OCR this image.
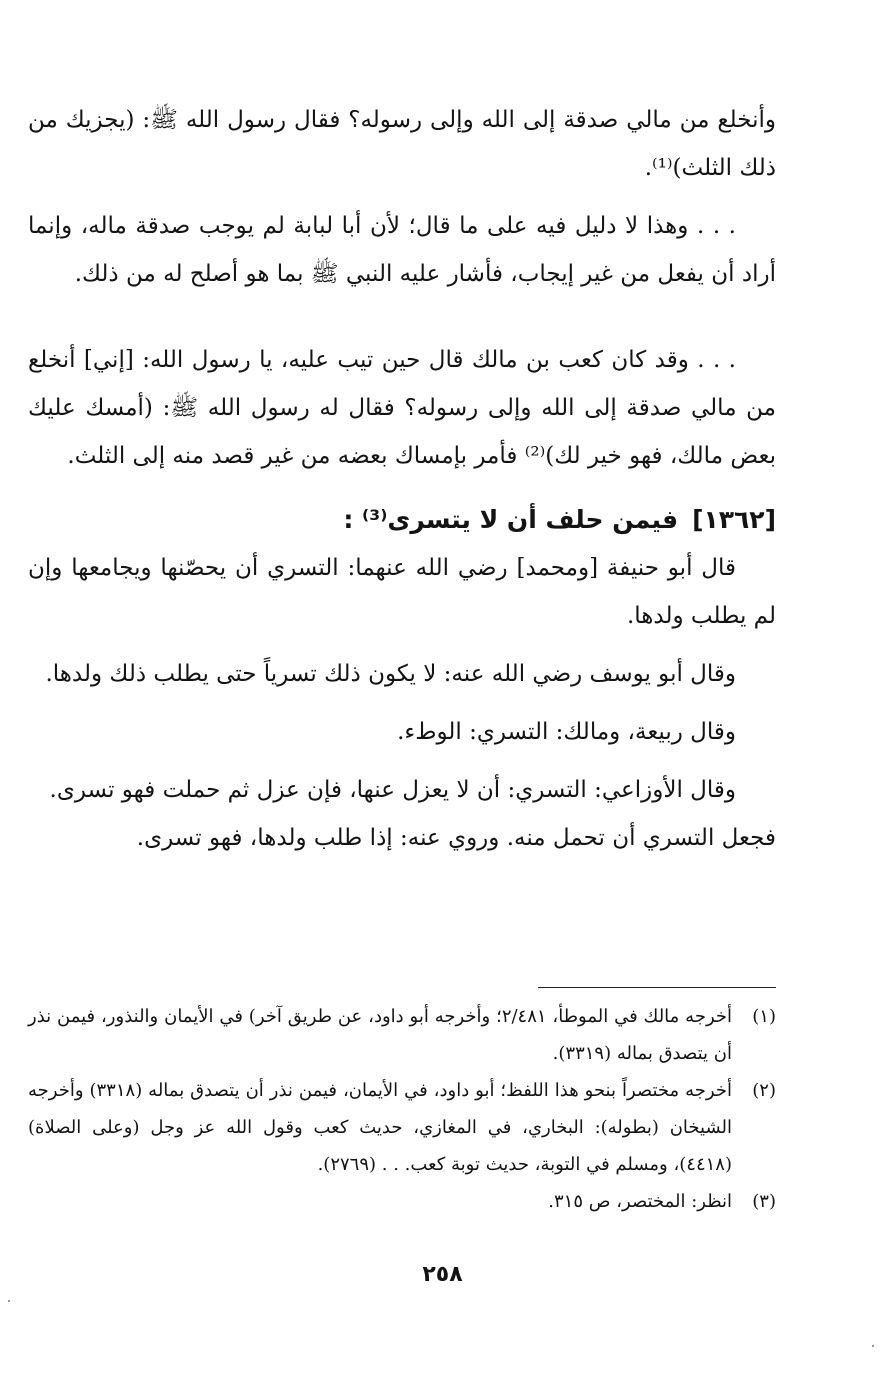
وأنخلع من مالي صدقة إلى الله وإلى رسوله؟ فقال رسول الله ﷺ: (يجزيك من ذلك الثلث)⁽¹⁾.

. . . وهذا لا دليل فيه على ما قال؛ لأن أبا لبابة لم يوجب صدقة ماله، وإنما أراد أن يفعل من غير إيجاب، فأشار عليه النبي ﷺ بما هو أصلح له من ذلك.

. . . وقد كان كعب بن مالك قال حين تيب عليه، يا رسول الله: [إني] أنخلع من مالي صدقة إلى الله وإلى رسوله؟ فقال له رسول الله ﷺ: (أمسك عليك بعض مالك، فهو خير لك)⁽²⁾ فأمر بإمساك بعضه من غير قصد منه إلى الثلث.

[١٣٦٢]فيمن حلف أن لا يتسرى⁽³⁾ :

قال أبو حنيفة [ومحمد] رضي الله عنهما: التسري أن يحصّنها ويجامعها وإن لم يطلب ولدها.

وقال أبو يوسف رضي الله عنه: لا يكون ذلك تسرياً حتى يطلب ذلك ولدها.

وقال ربيعة، ومالك: التسري: الوطء.

وقال الأوزاعي: التسري: أن لا يعزل عنها، فإن عزل ثم حملت فهو تسرى.

فجعل التسري أن تحمل منه. وروي عنه: إذا طلب ولدها، فهو تسرى.

(١)
أخرجه مالك في الموطأ، ٢/٤٨١؛ وأخرجه أبو داود، عن طريق آخر) في الأيمان والنذور، فيمن نذر أن يتصدق بماله (٣٣١٩).

(٢)
أخرجه مختصراً بنحو هذا اللفظ؛ أبو داود، في الأيمان، فيمن نذر أن يتصدق بماله (٣٣١٨) وأخرجه الشيخان (بطوله): البخاري، في المغازي، حديث كعب وقول الله عز وجل (وعلى الصلاة) (٤٤١٨)، ومسلم في التوبة، حديث توبة كعب. . . (٢٧٦٩).

(٣)
انظر: المختصر، ص ٣١٥.

٢٥٨
